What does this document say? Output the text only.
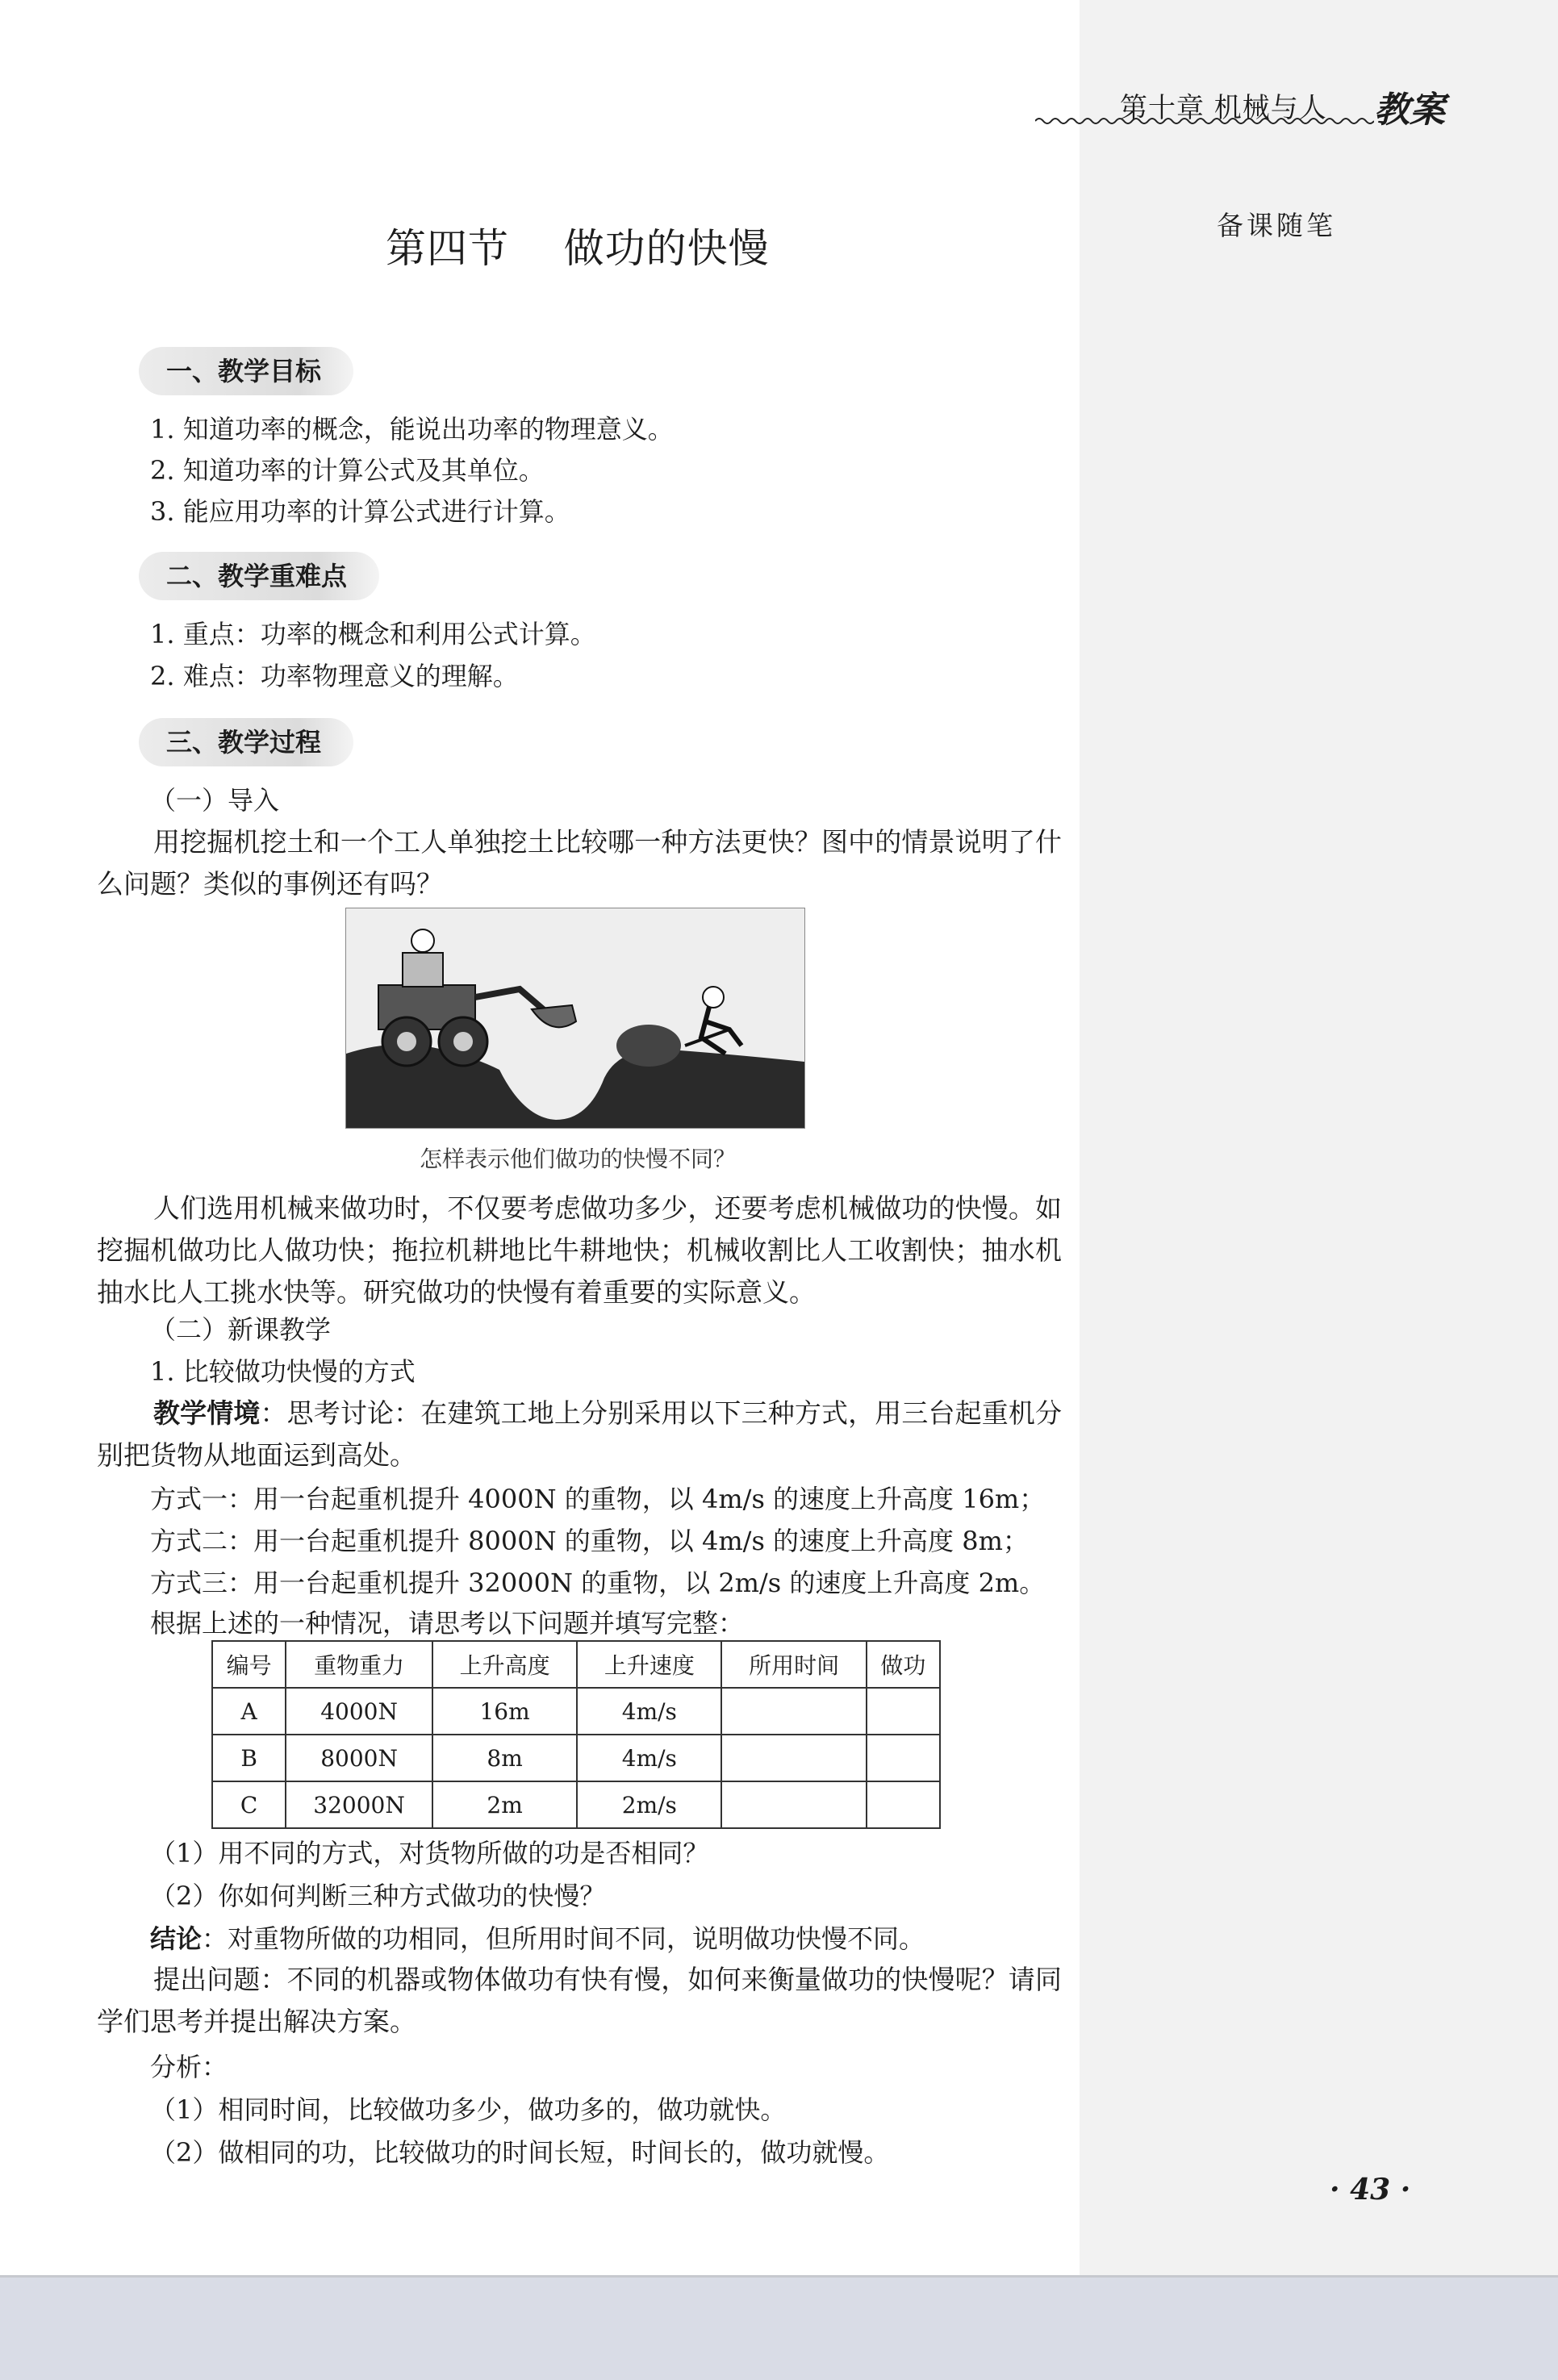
第十章 机械与人 教案
备课随笔
第四节    做功的快慢
一、教学目标
1. 知道功率的概念，能说出功率的物理意义。
2. 知道功率的计算公式及其单位。
3. 能应用功率的计算公式进行计算。
二、教学重难点
1. 重点：功率的概念和利用公式计算。
2. 难点：功率物理意义的理解。
三、教学过程
（一）导入
用挖掘机挖土和一个工人单独挖土比较哪一种方法更快？图中的情景说明了什么问题？类似的事例还有吗？
怎样表示他们做功的快慢不同？
人们选用机械来做功时，不仅要考虑做功多少，还要考虑机械做功的快慢。如挖掘机做功比人做功快；拖拉机耕地比牛耕地快；机械收割比人工收割快；抽水机抽水比人工挑水快等。研究做功的快慢有着重要的实际意义。
（二）新课教学
1. 比较做功快慢的方式
教学情境：思考讨论：在建筑工地上分别采用以下三种方式，用三台起重机分别把货物从地面运到高处。
方式一：用一台起重机提升 4000N 的重物，以 4m/s 的速度上升高度 16m；
方式二：用一台起重机提升 8000N 的重物，以 4m/s 的速度上升高度 8m；
方式三：用一台起重机提升 32000N 的重物，以 2m/s 的速度上升高度 2m。
根据上述的一种情况，请思考以下问题并填写完整：
编号	重物重力	上升高度	上升速度	所用时间	做功
A	4000N	16m	4m/s		
B	8000N	8m	4m/s		
C	32000N	2m	2m/s		
（1）用不同的方式，对货物所做的功是否相同？
（2）你如何判断三种方式做功的快慢？
结论：对重物所做的功相同，但所用时间不同，说明做功快慢不同。
提出问题：不同的机器或物体做功有快有慢，如何来衡量做功的快慢呢？请同学们思考并提出解决方案。
分析：
（1）相同时间，比较做功多少，做功多的，做功就快。
（2）做相同的功，比较做功的时间长短，时间长的，做功就慢。
· 43 ·
